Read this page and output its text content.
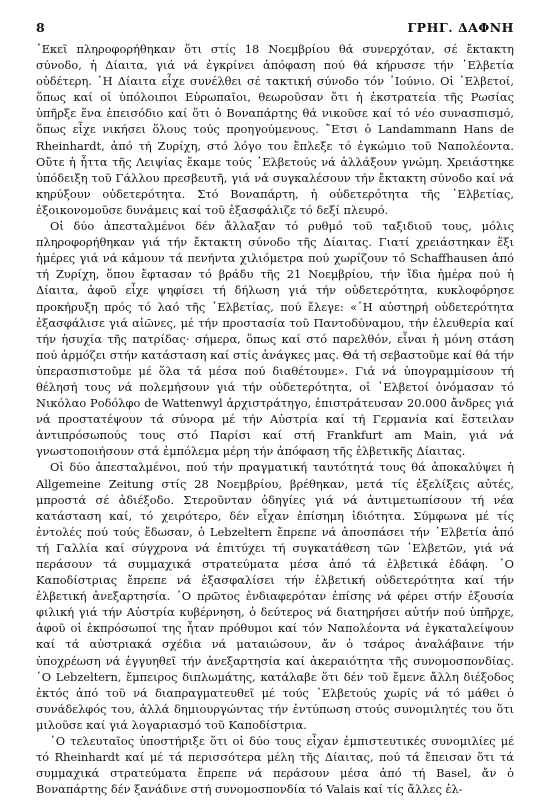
8	ΓΡΗΓ. ΔΑΦΝΗ

᾿Εκεῖ πληροφορήθηκαν ὅτι στίς 18 Νοεμβρίου θά συνερχόταν, σέ ἔκτακτη σύνοδο, ἡ Δίαιτα, γιά νά ἐγκρίνει ἀπόφαση πού θά κήρυσσε τήν ῾Ελβετία οὐδέτερη. ῾Η Δίαιτα εἶχε συνέλθει σέ τακτική σύνοδο τόν ᾿Ιούνιο. Οἱ ῾Ελβετοί, ὅπως καί οἱ ὑπόλοιποι Εὐρωπαῖοι, θεωροῦσαν ὅτι ἡ ἐκστρατεία τῆς Ρωσίας ὑπῆρξε ἕνα ἐπεισόδιο καί ὅτι ὁ Βοναπάρτης θά νικοῦσε καί τό νέο συνασπισμό, ὅπως εἶχε νικήσει ὅλους τούς προηγούμενους. ῎Ετσι ὁ Landammann Hans de Rheinhardt, ἀπό τή Ζυρίχη, στό λόγο του ἔπλεξε τό ἐγκώμιο τοῦ Ναπολέοντα. Οὔτε ἡ ἧττα τῆς Λειψίας ἔκαμε τούς ῾Ελβετούς νά ἀλλάξουν γνώμη. Χρειάστηκε ὑπόδειξη τοῦ Γάλλου πρεσβευτῆ, γιά νά συγκαλέσουν τήν ἔκτακτη σύνοδο καί νά κηρύξουν οὐδετερότητα. Στό Βοναπάρτη, ἡ οὐδετερότητα τῆς ῾Ελβετίας, ἐξοικονομοῦσε δυνάμεις καί τοῦ ἐξασφάλιζε τό δεξί πλευρό.

Οἱ δύο ἀπεσταλμένοι δέν ἄλλαξαν τό ρυθμό τοῦ ταξιδιοῦ τους, μόλις πληροφορήθηκαν γιά τήν ἔκτακτη σύνοδο τῆς Δίαιτας. Γιατί χρειάστηκαν ἕξι ἡμέρες γιά νά κάμουν τά πενήντα χιλιόμετρα πού χωρίζουν τό Schaffhausen ἀπό τή Ζυρίχη, ὅπου ἔφτασαν τό βράδυ τῆς 21 Νοεμβρίου, τήν ἴδια ἡμέρα πού ἡ Δίαιτα, ἀφοῦ εἶχε ψηφίσει τή δήλωση γιά τήν οὐδετερότητα, κυκλοφόρησε προκήρυξη πρός τό λαό τῆς ῾Ελβετίας, πού ἔλεγε: «῾Η αὐστηρή οὐδετερότητα ἐξασφάλισε γιά αἰῶνες, μέ τήν προστασία τοῦ Παντοδύναμου, τήν ἐλευθερία καί τήν ἡσυχία τῆς πατρίδας· σήμερα, ὅπως καί στό παρελθόν, εἶναι ἡ μόνη στάση πού ἁρμόζει στήν κατάσταση καί στίς ἀνάγκες μας. Θά τή σεβαστοῦμε καί θά τήν ὑπερασπιστοῦμε μέ ὅλα τά μέσα πού διαθέτουμε». Γιά νά ὑπογραμμίσουν τή θέλησή τους νά πολεμήσουν γιά τήν οὐδετερότητα, οἱ ῾Ελβετοί ὀνόμασαν τό Νικόλαο Ροδόλφο de Wattenwyl ἀρχιστράτηγο, ἐπιστράτευσαν 20.000 ἄνδρες γιά νά προστατέψουν τά σύνορα μέ τήν Αὐστρία καί τή Γερμανία καί ἔστειλαν ἀντιπρόσωπούς τους στό Παρίσι καί στή Frankfurt am Main, γιά νά γνωστοποιήσουν στά ἐμπόλεμα μέρη τήν ἀπόφαση τῆς ἑλβετικῆς Δίαιτας.

Οἱ δύο ἀπεσταλμένοι, πού τήν πραγματική ταυτότητά τους θά ἀποκαλύψει ἡ Allgemeine Zeitung στίς 28 Νοεμβρίου, βρέθηκαν, μετά τίς ἐξελίξεις αὐτές, μπροστά σέ ἀδιέξοδο. Στεροῦνταν ὁδηγίες γιά νά ἀντιμετωπίσουν τή νέα κατάσταση καί, τό χειρότερο, δέν εἶχαν ἐπίσημη ἰδιότητα. Σύμφωνα μέ τίς ἐντολές πού τούς ἔδωσαν, ὁ Lebzeltern ἔπρεπε νά ἀποσπάσει τήν ῾Ελβετία ἀπό τή Γαλλία καί σύγχρονα νά ἐπιτύχει τή συγκατάθεση τῶν ῾Ελβετῶν, γιά νά περάσουν τά συμμαχικά στρατεύματα μέσα ἀπό τά ἑλβετικά ἐδάφη. ῾Ο Καποδίστριας ἔπρεπε νά ἐξασφαλίσει τήν ἑλβετική οὐδετερότητα καί τήν ἑλβετική ἀνεξαρτησία. ῾Ο πρῶτος ἐνδιαφερόταν ἐπίσης νά φέρει στήν ἐξουσία φιλική γιά τήν Αὐστρία κυβέρνηση, ὁ δεύτερος νά διατηρήσει αὐτήν πού ὑπῆρχε, ἀφοῦ οἱ ἐκπρόσωποί της ἦταν πρόθυμοι καί τόν Ναπολέοντα νά ἐγκαταλείψουν καί τά αὐστριακά σχέδια νά ματαιώσουν, ἄν ὁ τσάρος ἀναλάβαινε τήν ὑποχρέωση νά ἐγγυηθεῖ τήν ἀνεξαρτησία καί ἀκεραιότητα τῆς συνομοσπονδίας. ῾Ο Lebzeltern, ἔμπειρος διπλωμάτης, κατάλαβε ὅτι δέν τοῦ ἔμενε ἄλλη διέξοδος ἐκτός ἀπό τοῦ νά διαπραγματευθεῖ μέ τούς ῾Ελβετούς χωρίς νά τό μάθει ὁ συνάδελφός του, ἀλλά δημιουργώντας τήν ἐντύπωση στούς συνομιλητές του ὅτι μιλοῦσε καί γιά λογαριασμό τοῦ Καποδίστρια.

῾Ο τελευταῖος ὑποστήριξε ὅτι οἱ δύο τους εἶχαν ἐμπιστευτικές συνομιλίες μέ τό Rheinhardt καί μέ τά περισσότερα μέλη τῆς Δίαιτας, πού τά ἔπεισαν ὅτι τά συμμαχικά στρατεύματα ἔπρεπε νά περάσουν μέσα ἀπό τή Basel, ἄν ὁ Βοναπάρτης δέν ξανάδινε στή συνομοσπονδία τό Valais καί τίς ἄλλες ἐλ-
